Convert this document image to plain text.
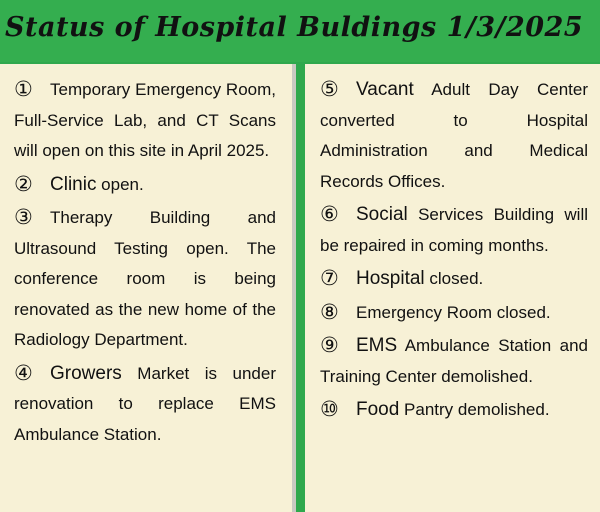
Status of Hospital Buldings 1/3/2025

① Temporary Emergency Room, Full-Service Lab, and CT Scans will open on this site in April 2025.

② Clinic open.

③ Therapy Building and Ultrasound Testing open. The conference room is being renovated as the new home of the Radiology Department.

④ Growers Market is under renovation to replace EMS Ambulance Station.

⑤ Vacant Adult Day Center converted to Hospital Administration and Medical Records Offices.

⑥ Social Services Building will be repaired in coming months.

⑦ Hospital closed.

⑧ Emergency Room closed.

⑨ EMS Ambulance Station and Training Center demolished.

⑩ Food Pantry demolished.
